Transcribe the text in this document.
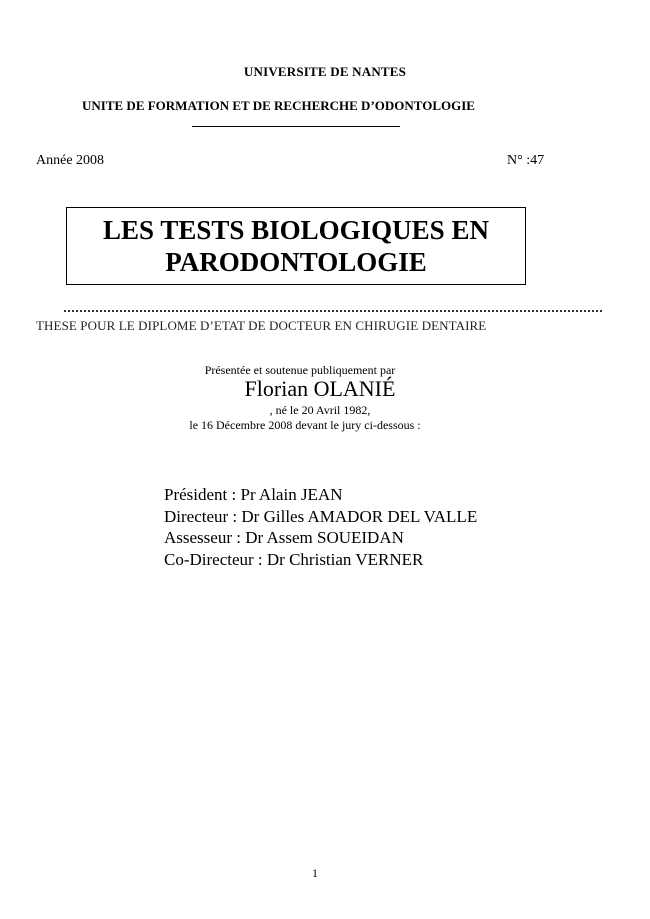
UNIVERSITE DE NANTES
UNITE DE FORMATION ET DE RECHERCHE D’ODONTOLOGIE
Année 2008	N° :47
LES TESTS BIOLOGIQUES EN
PARODONTOLOGIE
THESE POUR LE DIPLOME D’ETAT DE DOCTEUR EN CHIRUGIE DENTAIRE
Présentée et soutenue publiquement par
Florian OLANIÉ
, né le 20 Avril 1982,
le 16 Décembre 2008 devant le jury ci-dessous :
Président : Pr Alain JEAN
Directeur : Dr Gilles AMADOR DEL VALLE
Assesseur : Dr Assem SOUEIDAN
Co-Directeur : Dr Christian VERNER
1
